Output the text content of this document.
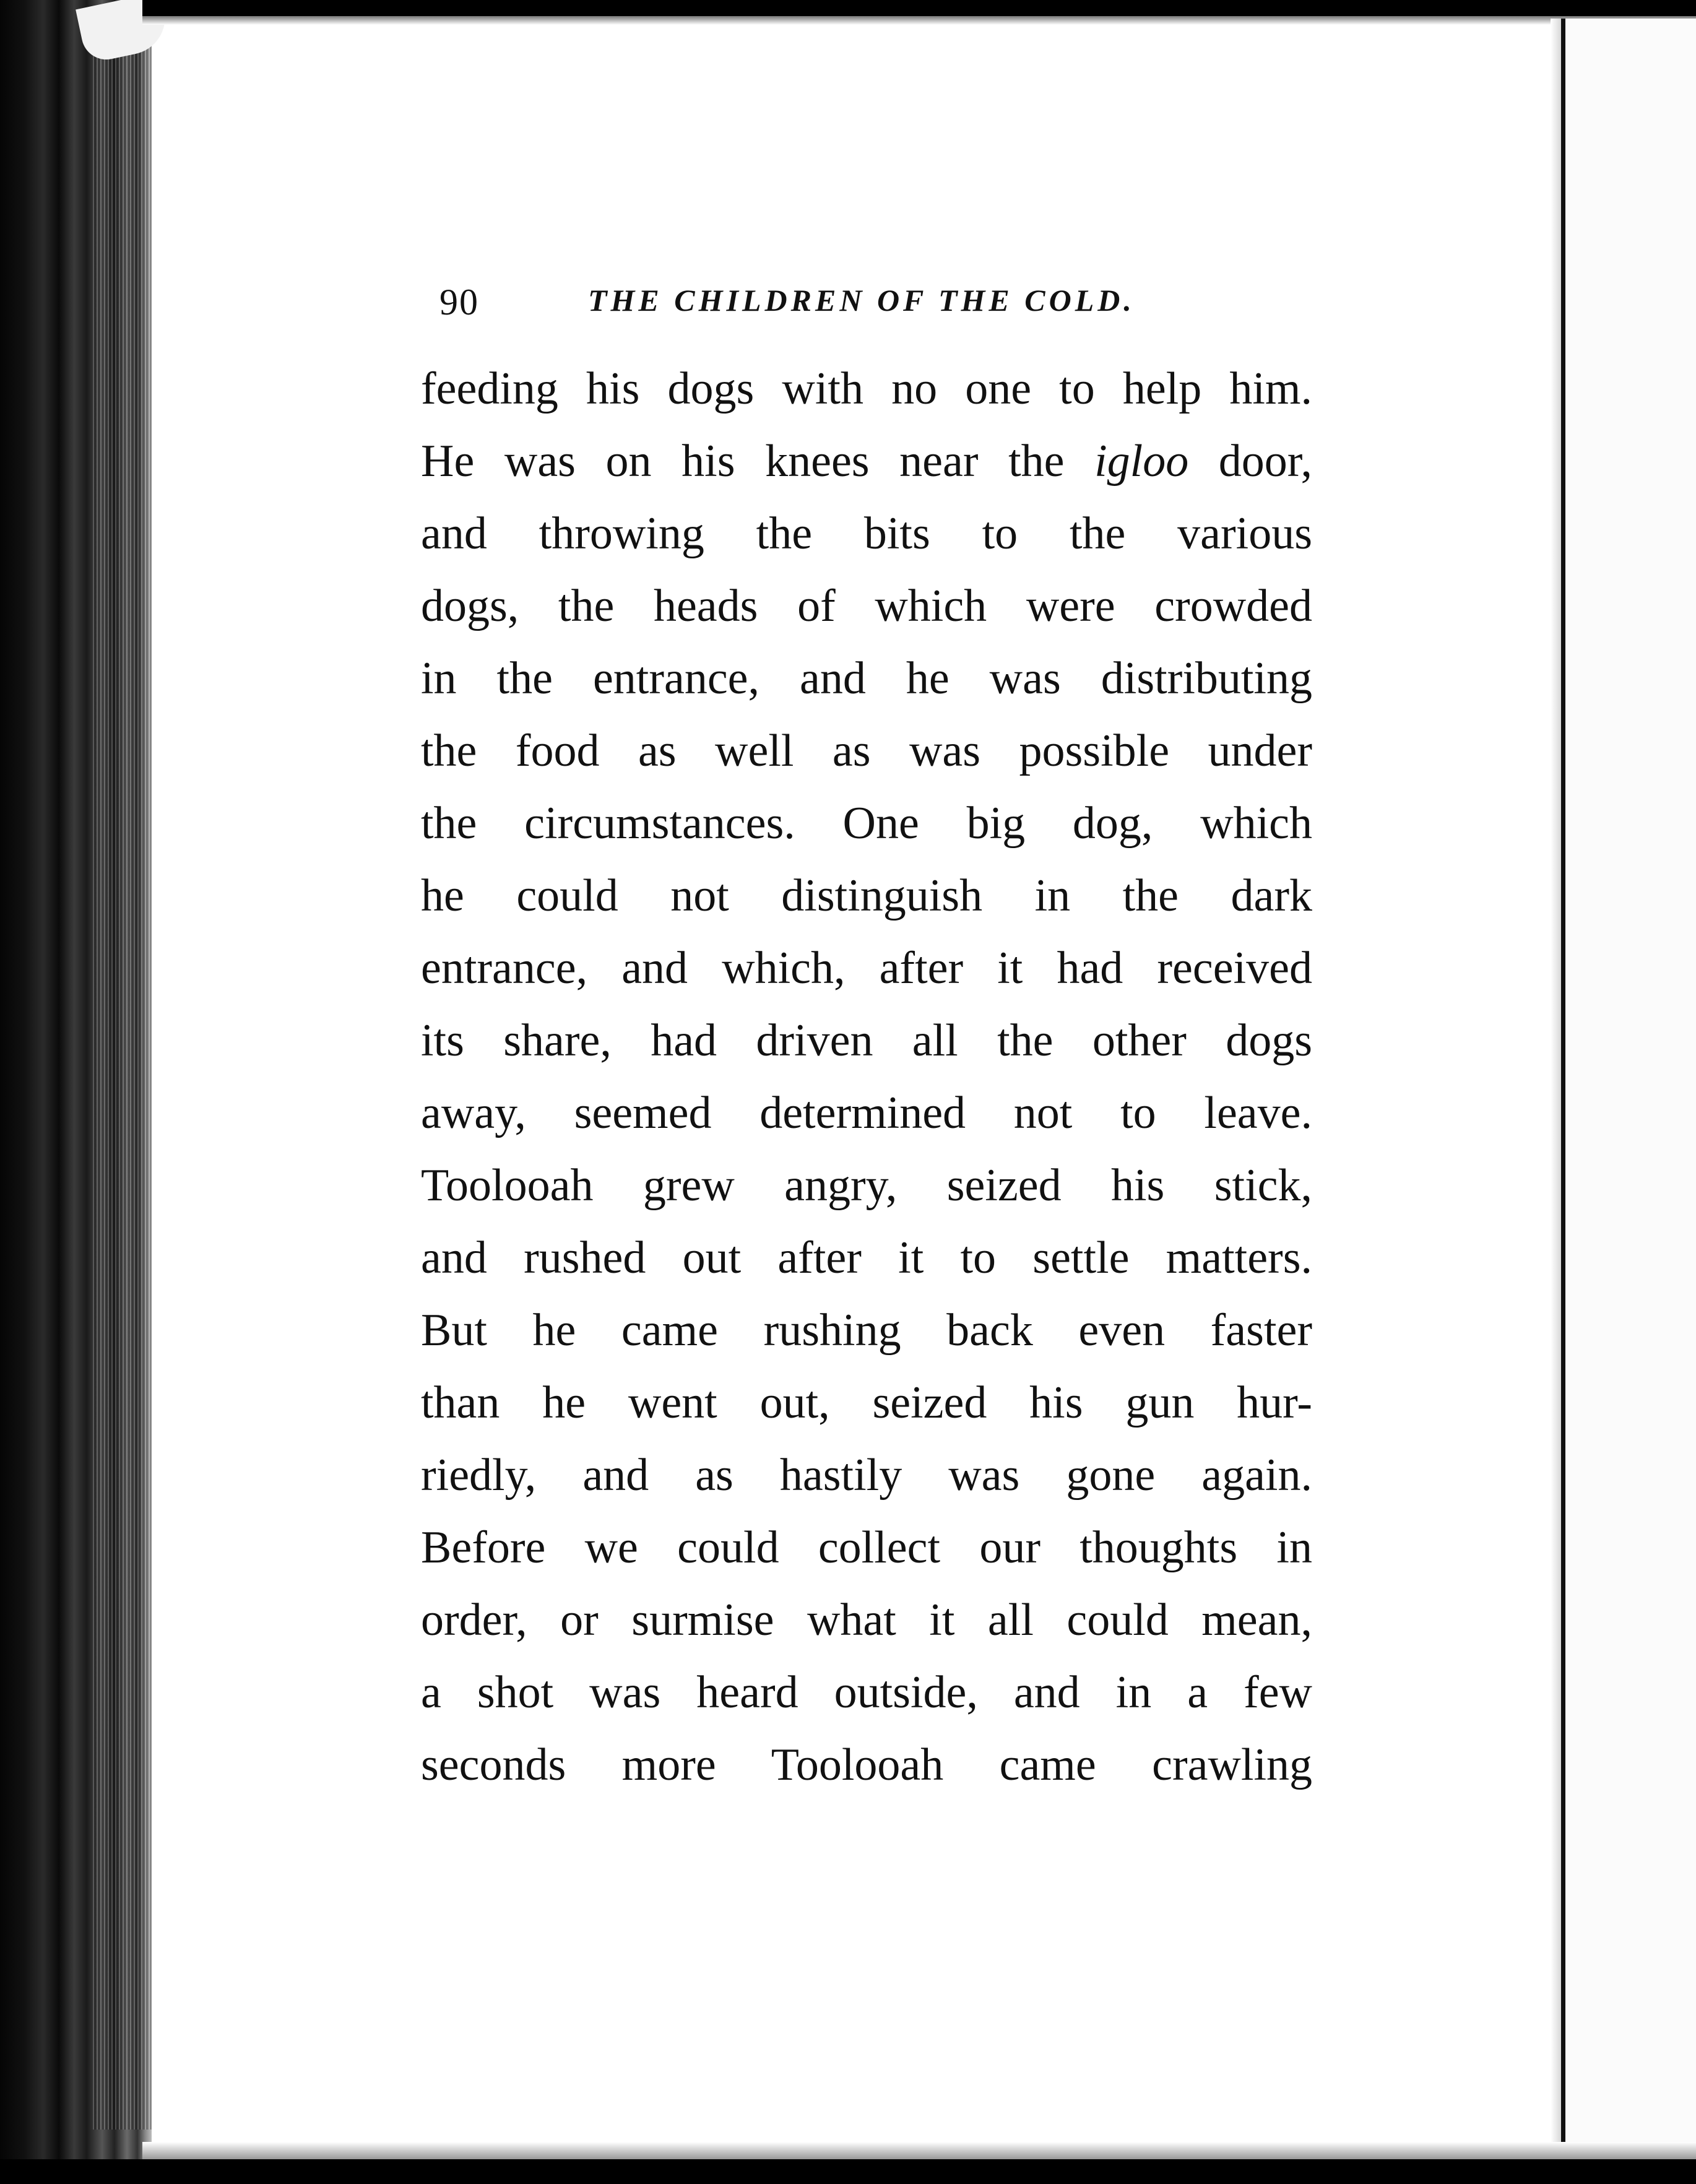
90	THE CHILDREN OF THE COLD.
feeding his dogs with no one to help him.
He was on his knees near the igloo door,
and throwing the bits to the various
dogs, the heads of which were crowded
in the entrance, and he was distributing
the food as well as was possible under
the circumstances. One big dog, which
he could not distinguish in the dark
entrance, and which, after it had received
its share, had driven all the other dogs
away, seemed determined not to leave.
Toolooah grew angry, seized his stick,
and rushed out after it to settle matters.
But he came rushing back even faster
than he went out, seized his gun hur-
riedly, and as hastily was gone again.
Before we could collect our thoughts in
order, or surmise what it all could mean,
a shot was heard outside, and in a few
seconds more Toolooah came crawling
